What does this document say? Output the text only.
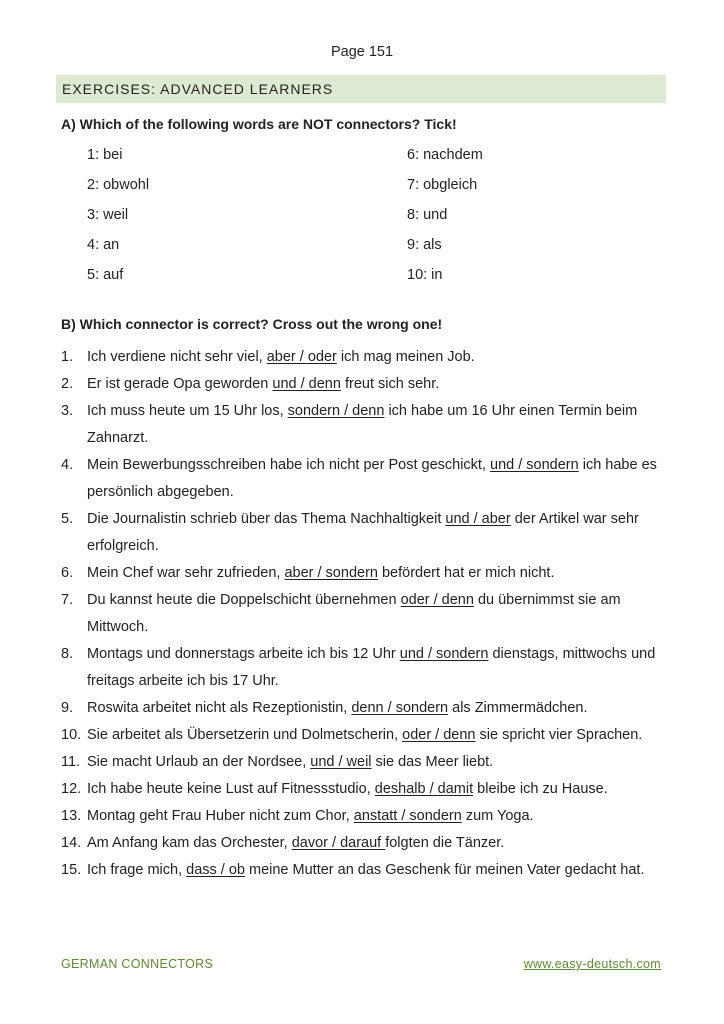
Page 151
EXERCISES: ADVANCED LEARNERS
A) Which of the following words are NOT connectors? Tick!
1: bei
2: obwohl
3: weil
4: an
5: auf
6: nachdem
7: obgleich
8: und
9: als
10: in
B) Which connector is correct? Cross out the wrong one!
1. Ich verdiene nicht sehr viel, aber / oder ich mag meinen Job.
2. Er ist gerade Opa geworden und / denn freut sich sehr.
3. Ich muss heute um 15 Uhr los, sondern / denn ich habe um 16 Uhr einen Termin beim Zahnarzt.
4. Mein Bewerbungsschreiben habe ich nicht per Post geschickt, und / sondern ich habe es persönlich abgegeben.
5. Die Journalistin schrieb über das Thema Nachhaltigkeit und / aber der Artikel war sehr erfolgreich.
6. Mein Chef war sehr zufrieden, aber / sondern befördert hat er mich nicht.
7. Du kannst heute die Doppelschicht übernehmen oder / denn du übernimmst sie am Mittwoch.
8. Montags und donnerstags arbeite ich bis 12 Uhr und / sondern dienstags, mittwochs und freitags arbeite ich bis 17 Uhr.
9. Roswita arbeitet nicht als Rezeptionistin, denn / sondern als Zimmermädchen.
10. Sie arbeitet als Übersetzerin und Dolmetscherin, oder / denn sie spricht vier Sprachen.
11. Sie macht Urlaub an der Nordsee, und / weil sie das Meer liebt.
12. Ich habe heute keine Lust auf Fitnessstudio, deshalb / damit bleibe ich zu Hause.
13. Montag geht Frau Huber nicht zum Chor, anstatt / sondern zum Yoga.
14. Am Anfang kam das Orchester, davor / darauf folgten die Tänzer.
15. Ich frage mich, dass / ob meine Mutter an das Geschenk für meinen Vater gedacht hat.
GERMAN CONNECTORS	www.easy-deutsch.com
